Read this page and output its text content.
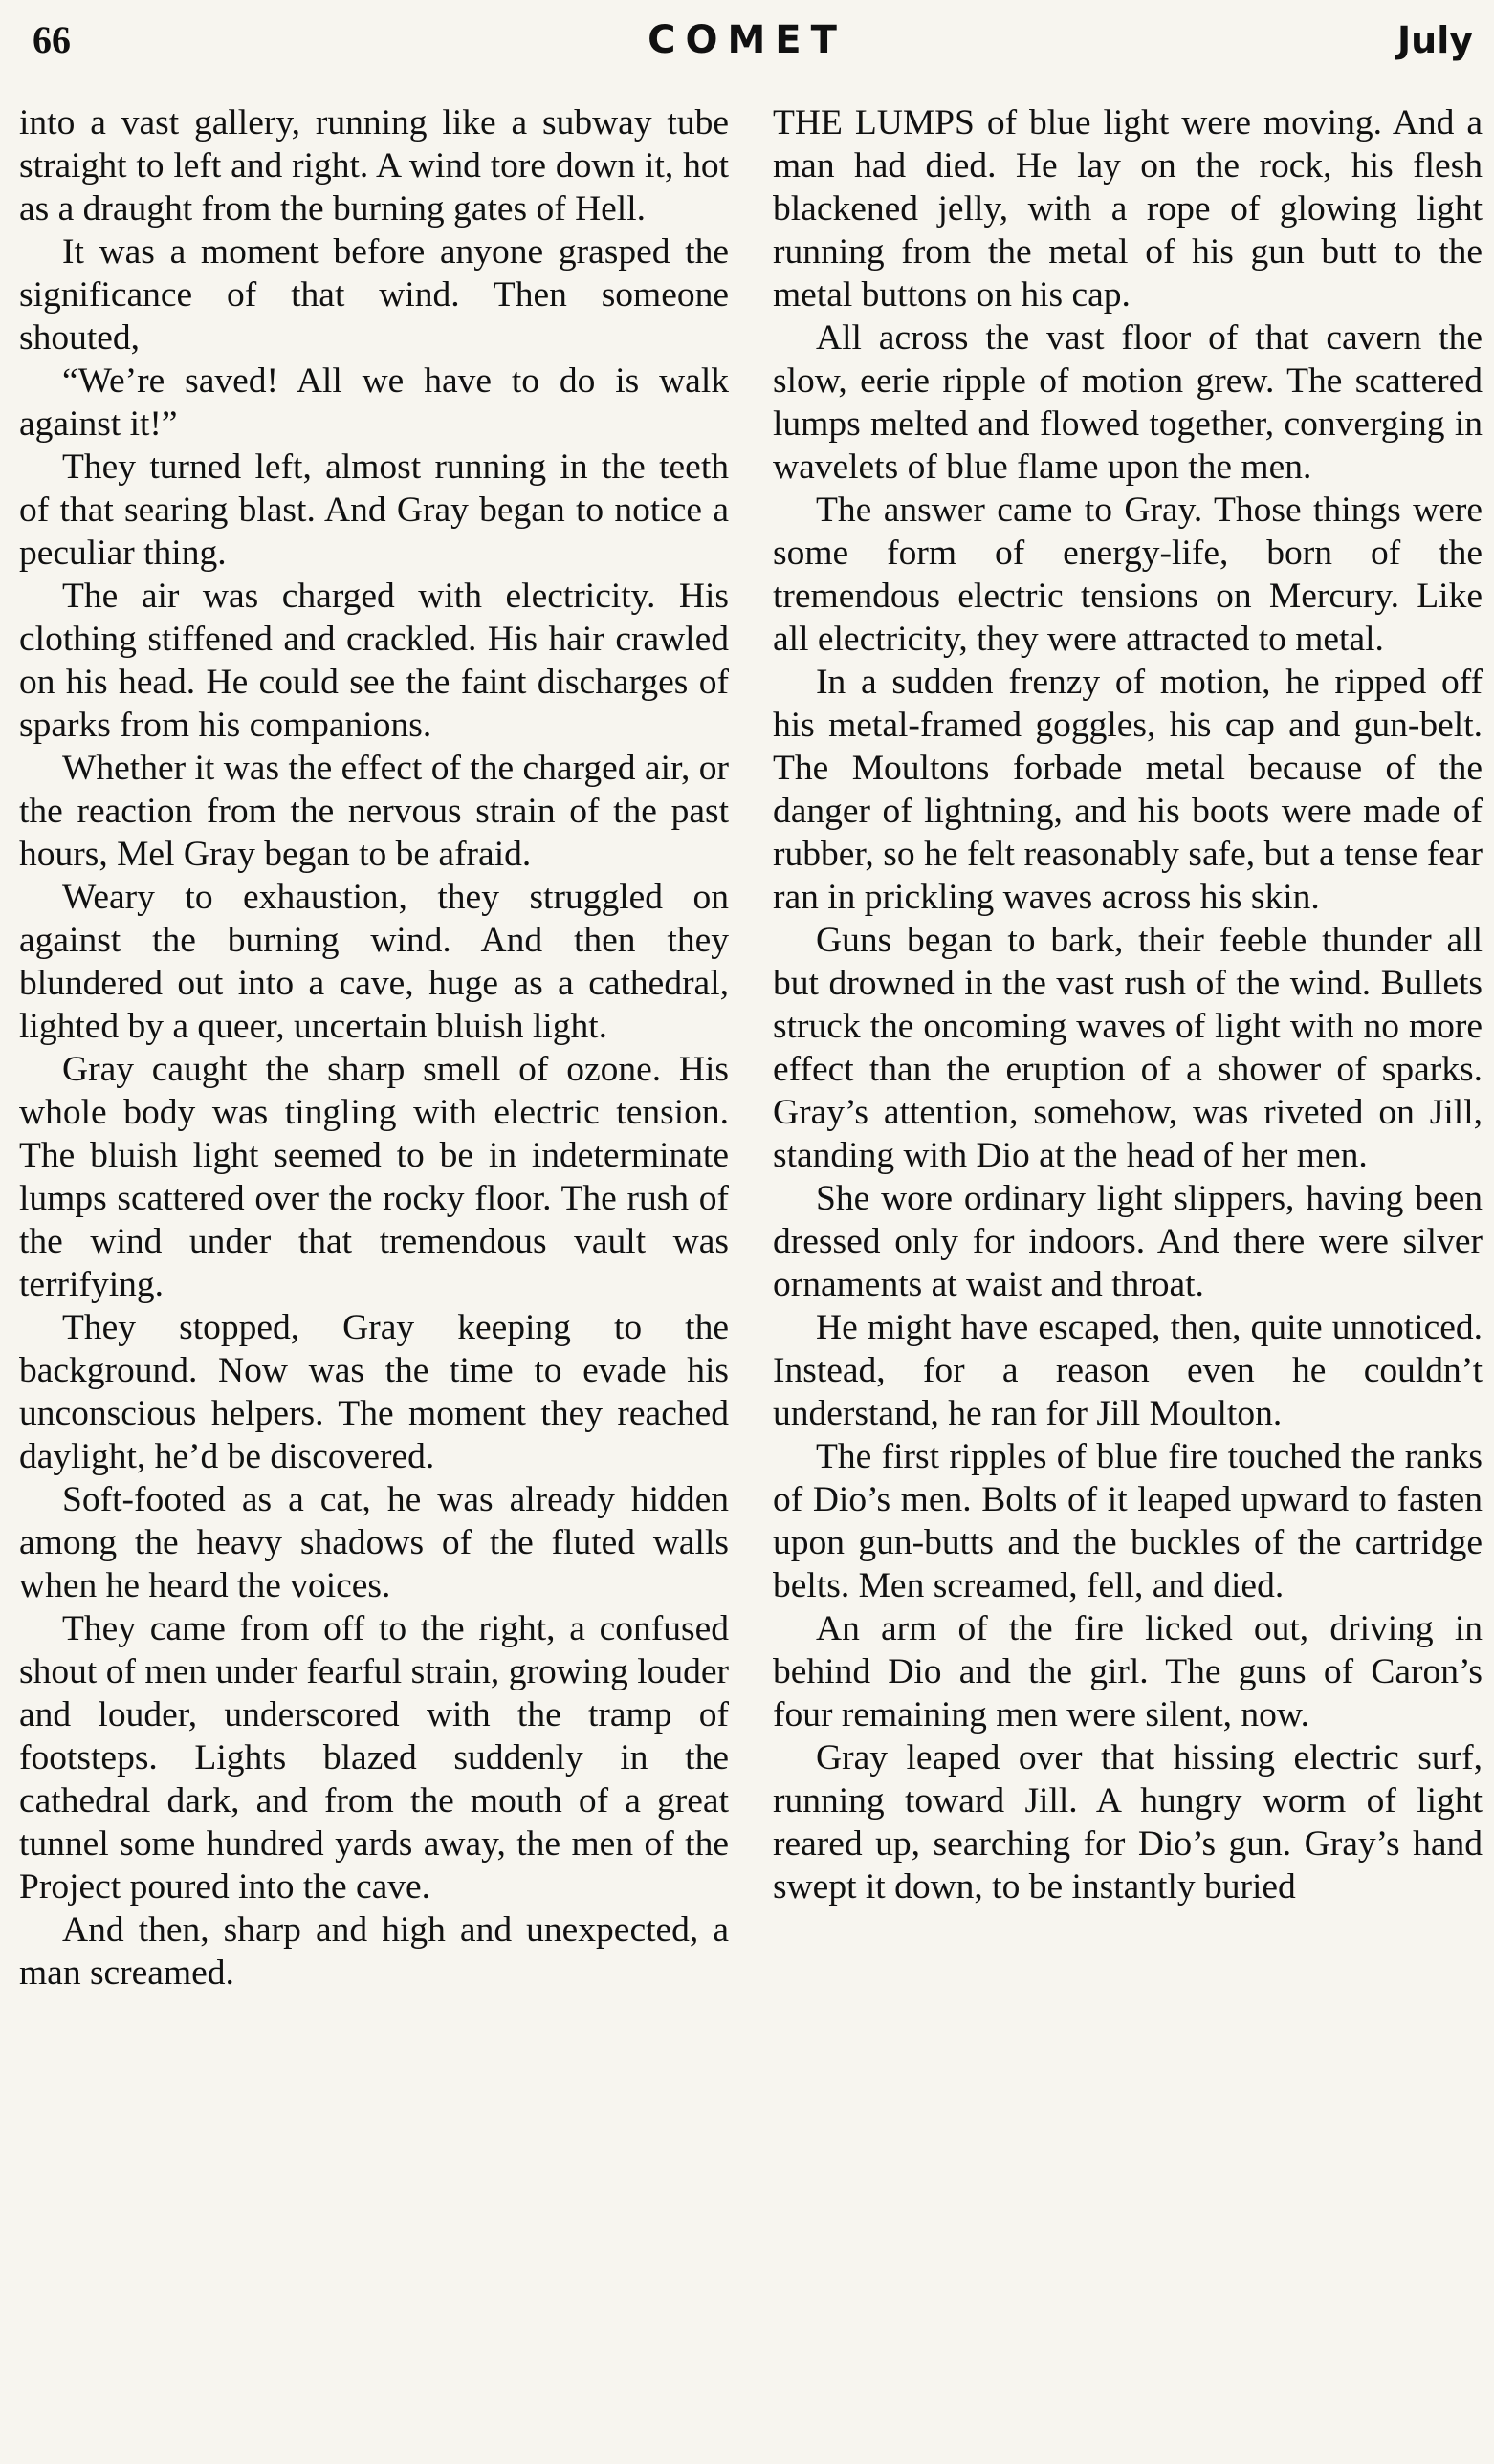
66	COMET	July

into a vast gallery, running like a subway tube straight to left and right. A wind tore down it, hot as a draught from the burning gates of Hell.

It was a moment before anyone grasped the significance of that wind. Then someone shouted,

“We’re saved! All we have to do is walk against it!”

They turned left, almost running in the teeth of that searing blast. And Gray began to notice a peculiar thing.

The air was charged with electricity. His clothing stiffened and crackled. His hair crawled on his head. He could see the faint discharges of sparks from his companions.

Whether it was the effect of the charged air, or the reaction from the nervous strain of the past hours, Mel Gray began to be afraid.

Weary to exhaustion, they struggled on against the burning wind. And then they blundered out into a cave, huge as a cathedral, lighted by a queer, uncertain bluish light.

Gray caught the sharp smell of ozone. His whole body was tingling with electric tension. The bluish light seemed to be in indeterminate lumps scattered over the rocky floor. The rush of the wind under that tremendous vault was terrifying.

They stopped, Gray keeping to the background. Now was the time to evade his unconscious helpers. The moment they reached daylight, he’d be discovered.

Soft-footed as a cat, he was already hidden among the heavy shadows of the fluted walls when he heard the voices.

They came from off to the right, a confused shout of men under fearful strain, growing louder and louder, underscored with the tramp of footsteps. Lights blazed suddenly in the cathedral dark, and from the mouth of a great tunnel some hundred yards away, the men of the Project poured into the cave.

And then, sharp and high and unexpected, a man screamed.

THE LUMPS of blue light were moving. And a man had died. He lay on the rock, his flesh blackened jelly, with a rope of glowing light running from the metal of his gun butt to the metal buttons on his cap.

All across the vast floor of that cavern the slow, eerie ripple of motion grew. The scattered lumps melted and flowed together, converging in wavelets of blue flame upon the men.

The answer came to Gray. Those things were some form of energy-life, born of the tremendous electric tensions on Mercury. Like all electricity, they were attracted to metal.

In a sudden frenzy of motion, he ripped off his metal-framed goggles, his cap and gun-belt. The Moultons forbade metal because of the danger of lightning, and his boots were made of rubber, so he felt reasonably safe, but a tense fear ran in prickling waves across his skin.

Guns began to bark, their feeble thunder all but drowned in the vast rush of the wind. Bullets struck the oncoming waves of light with no more effect than the eruption of a shower of sparks. Gray’s attention, somehow, was riveted on Jill, standing with Dio at the head of her men.

She wore ordinary light slippers, having been dressed only for indoors. And there were silver ornaments at waist and throat.

He might have escaped, then, quite unnoticed. Instead, for a reason even he couldn’t understand, he ran for Jill Moulton.

The first ripples of blue fire touched the ranks of Dio’s men. Bolts of it leaped upward to fasten upon gun-butts and the buckles of the cartridge belts. Men screamed, fell, and died.

An arm of the fire licked out, driving in behind Dio and the girl. The guns of Caron’s four remaining men were silent, now.

Gray leaped over that hissing electric surf, running toward Jill. A hungry worm of light reared up, searching for Dio’s gun. Gray’s hand swept it down, to be instantly buried
